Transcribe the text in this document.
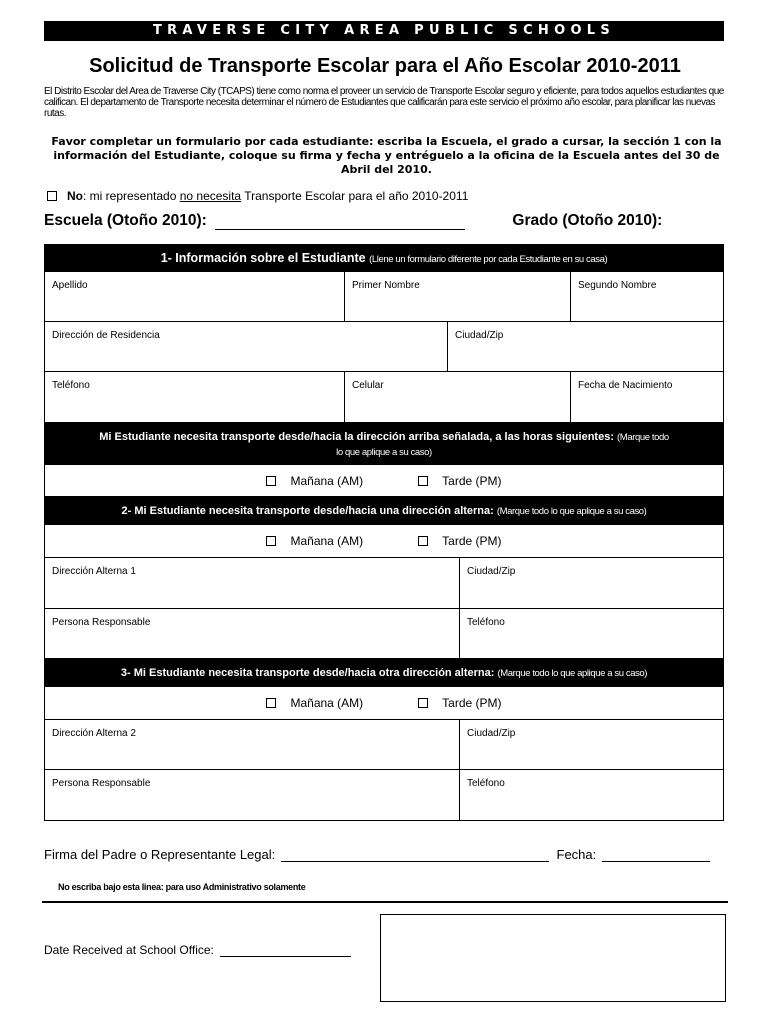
TRAVERSE CITY AREA PUBLIC SCHOOLS
Solicitud de Transporte Escolar para el Año Escolar 2010-2011
El Distrito Escolar del Area de Traverse City (TCAPS) tiene como norma el proveer un servicio de Transporte Escolar seguro y eficiente, para todos aquellos estudiantes que califican. El departamento de Transporte necesita determinar el número de Estudiantes que calificarán para este servicio el próximo año escolar, para planificar las nuevas rutas.
Favor completar un formulario por cada estudiante: escriba la Escuela, el grado a cursar, la sección 1 con la información del Estudiante, coloque su firma y fecha y entréguelo a la oficina de la Escuela antes del 30 de Abril del 2010.
No : mi representado no necesita Transporte Escolar para el año 2010-2011
Escuela (Otoño 2010):	Grado (Otoño 2010):
1- Información sobre el Estudiante (Llene un formulario diferente por cada Estudiante en su casa)
Apellido	Primer Nombre	Segundo Nombre
Dirección de Residencia	Ciudad/Zip
Teléfono	Celular	Fecha de Nacimiento
Mi Estudiante necesita transporte desde/hacia la dirección arriba señalada, a las horas siguientes: (Marque todo
lo que aplique a su caso)
Mañana (AM)	Tarde (PM)
2- Mi Estudiante necesita transporte desde/hacia una dirección alterna: (Marque todo lo que aplique a su caso)
Mañana (AM)	Tarde (PM)
Dirección Alterna 1	Ciudad/Zip
Persona Responsable	Teléfono
3- Mi Estudiante necesita transporte desde/hacia otra dirección alterna: (Marque todo lo que aplique a su caso)
Mañana (AM)	Tarde (PM)
Dirección Alterna 2	Ciudad/Zip
Persona Responsable	Teléfono
Firma del Padre o Representante Legal:	Fecha:
No escriba bajo esta linea: para uso Administrativo solamente
Date Received at School Office:
